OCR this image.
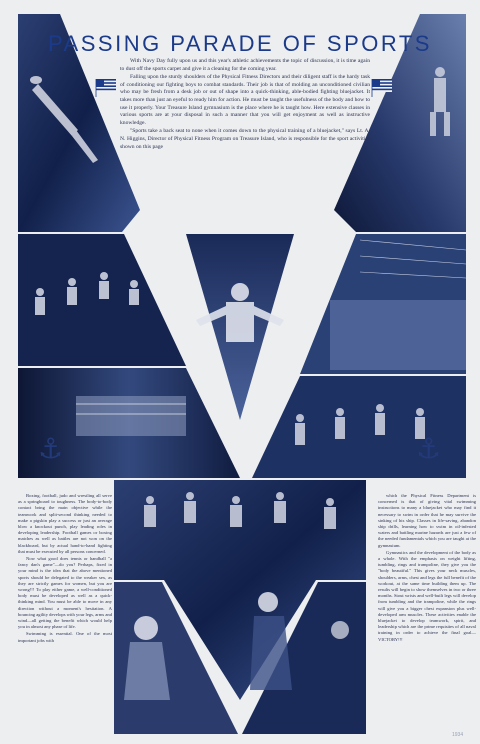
PASSING PARADE OF SPORTS
⚓	⚓

With Navy Day fully upon us and this year's athletic achievements the topic of discussion, it is time again to dust off the sports carpet and give it a cleaning for the coming year.

Falling upon the sturdy shoulders of the Physical Fitness Directors and their diligent staff is the hardy task of conditioning our fighting boys to combat standards. Their job is that of molding an unconditioned civilian who may be fresh from a desk job or out of shape into a quick-thinking, able-bodied fighting bluejacket. It takes more than just an eyeful to ready him for action. He must be taught the usefulness of the body and how to use it properly. Your Treasure Island gymnasium is the place where he is taught how. Here extensive classes in various sports are at your disposal in such a manner that you will get enjoyment as well as instructive knowledge.

"Sports take a back seat to none when it comes down to the physical training of a bluejacket," says Lt. A. N. Higgins, Director of Physical Fitness Program on Treasure Island, who is responsible for the sport activities shown on this page

Boxing, football, judo and wrestling all serve as a springboard to toughness. The body-to-body contact bring the main objective while the teamwork and split-second thinking needed to make a pigskin play a success or just an average blow a knockout punch, play leading roles in developing leadership. Football games or boxing matches as well as battles are not won on the blackboard, but by actual hand-to-hand fighting that must be executed by all persons concerned.

Now what good does tennis or handball "a fancy dan's game"—do you? Perhaps, fixed in your mind is the idea that the above mentioned sports should be delegated to the weaker sex, as they are strictly games for women, but you are wrong!!! To play either game, a well-conditioned body must be developed as well as a quick-thinking mind. You must be able to move in any direction without a moment's hesitation. A bouncing agility develops with your legs, arms and wind—all getting the benefit which would help you in almost any phase of life.

Swimming is essential. One of the most important jobs with

which the Physical Fitness Department is concerned is that of giving vital swimming instructions to many a bluejacket who may find it necessary to swim in order that he may survive the sinking of his ship. Classes in life-saving, abandon ship drills, learning how to swim in oil-infested waters and battling marine hazards are just a few of the needed fundamentals which you are taught at the gymnasium.

Gymnastics and the development of the body as a whole. With the emphasis on weight lifting, tumbling, rings and trampoline, they give you the "body beautiful." This gives your neck muscles, shoulders, arms, chest and legs the full benefit of the workout, at the same time building them up. The results will begin to show themselves in two or three months. Stout wrists and well-built legs will develop from tumbling and the trampoline, while the rings will give you a bigger chest expansion plus well-developed arm muscles. These activities enable the bluejacket to develop teamwork, spirit, and leadership which are the prime requisites of all naval training in order to achieve the final goal—VICTORY!!!

1934
